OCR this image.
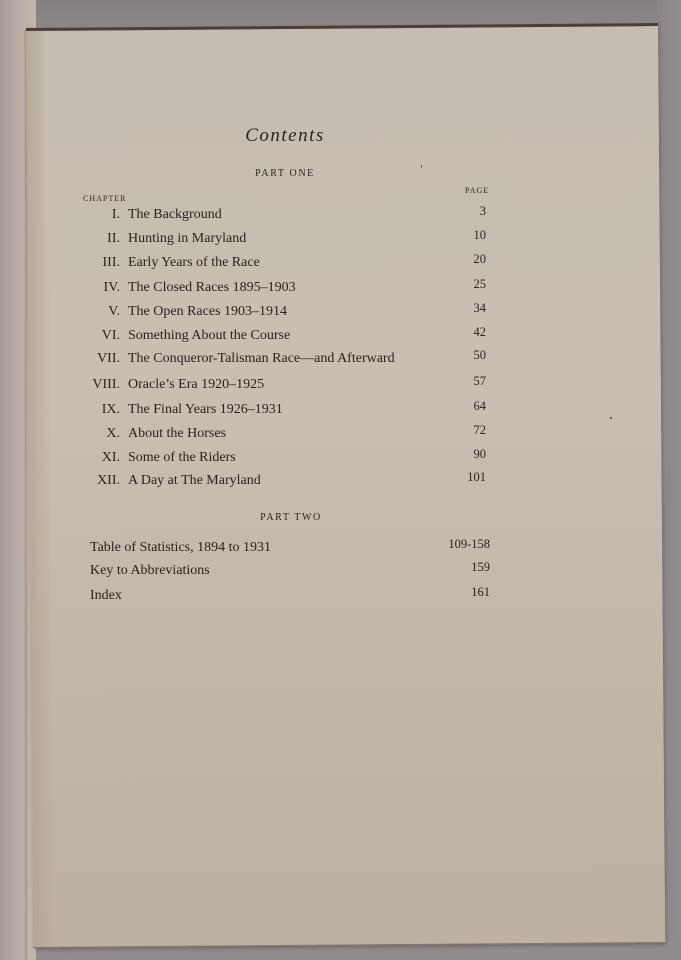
Contents
PART ONE
CHAPTER
PAGE
I. The Background	3
II. Hunting in Maryland	10
III. Early Years of the Race	20
IV. The Closed Races 1895–1903	25
V. The Open Races 1903–1914	34
VI. Something About the Course	42
VII. The Conqueror-Talisman Race—and Afterward	50
VIII. Oracle’s Era 1920–1925	57
IX. The Final Years 1926–1931	64
X. About the Horses	72
XI. Some of the Riders	90
XII. A Day at The Maryland	101
PART TWO
Table of Statistics, 1894 to 1931	109-158
Key to Abbreviations	159
Index	161
